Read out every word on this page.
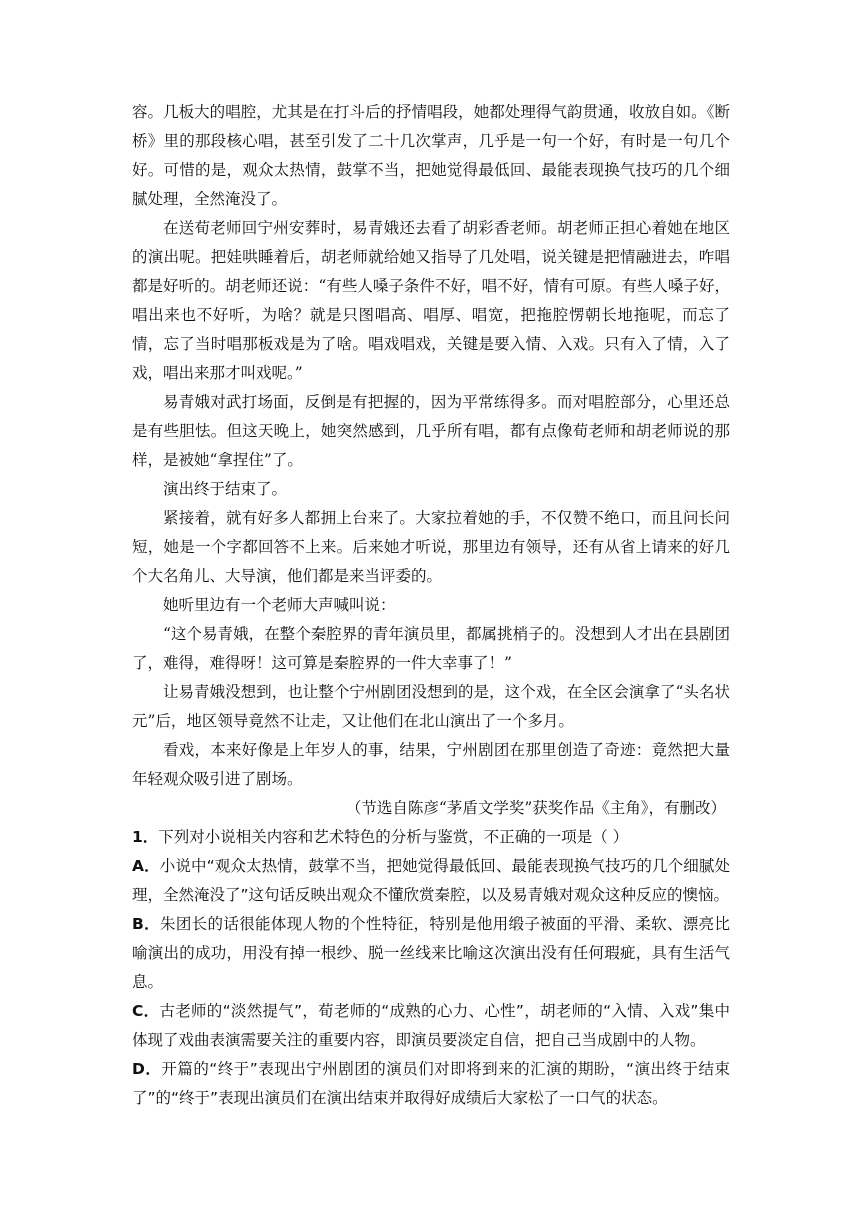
容。几板大的唱腔，尤其是在打斗后的抒情唱段，她都处理得气韵贯通，收放自如。《断桥》里的那段核心唱，甚至引发了二十几次掌声，几乎是一句一个好，有时是一句几个好。可惜的是，观众太热情，鼓掌不当，把她觉得最低回、最能表现换气技巧的几个细腻处理，全然淹没了。

在送荀老师回宁州安葬时，易青娥还去看了胡彩香老师。胡老师正担心着她在地区的演出呢。把娃哄睡着后，胡老师就给她又指导了几处唱，说关键是把情融进去，咋唱都是好听的。胡老师还说：“有些人嗓子条件不好，唱不好，情有可原。有些人嗓子好，唱出来也不好听，为啥？就是只图唱高、唱厚、唱宽，把拖腔愣朝长地拖呢，而忘了情，忘了当时唱那板戏是为了啥。唱戏唱戏，关键是要入情、入戏。只有入了情，入了戏，唱出来那才叫戏呢。”

易青娥对武打场面，反倒是有把握的，因为平常练得多。而对唱腔部分，心里还总是有些胆怯。但这天晚上，她突然感到，几乎所有唱，都有点像荀老师和胡老师说的那样，是被她“拿捏住”了。

演出终于结束了。

紧接着，就有好多人都拥上台来了。大家拉着她的手，不仅赞不绝口，而且问长问短，她是一个字都回答不上来。后来她才听说，那里边有领导，还有从省上请来的好几个大名角儿、大导演，他们都是来当评委的。

她听里边有一个老师大声喊叫说：

“这个易青娥，在整个秦腔界的青年演员里，都属挑梢子的。没想到人才出在县剧团了，难得，难得呀！这可算是秦腔界的一件大幸事了！”

让易青娥没想到，也让整个宁州剧团没想到的是，这个戏，在全区会演拿了“头名状元”后，地区领导竟然不让走，又让他们在北山演出了一个多月。

看戏，本来好像是上年岁人的事，结果，宁州剧团在那里创造了奇迹：竟然把大量年轻观众吸引进了剧场。

（节选自陈彦“茅盾文学奖”获奖作品《主角》，有删改）

1．下列对小说相关内容和艺术特色的分析与鉴赏，不正确的一项是（ ）

A．小说中“观众太热情，鼓掌不当，把她觉得最低回、最能表现换气技巧的几个细腻处理，全然淹没了”这句话反映出观众不懂欣赏秦腔，以及易青娥对观众这种反应的懊恼。

B．朱团长的话很能体现人物的个性特征，特别是他用缎子被面的平滑、柔软、漂亮比喻演出的成功，用没有掉一根纱、脱一丝线来比喻这次演出没有任何瑕疵，具有生活气息。

C．古老师的“淡然提气”，荀老师的“成熟的心力、心性”，胡老师的“入情、入戏”集中体现了戏曲表演需要关注的重要内容，即演员要淡定自信，把自己当成剧中的人物。

D．开篇的“终于”表现出宁州剧团的演员们对即将到来的汇演的期盼，“演出终于结束了”的“终于”表现出演员们在演出结束并取得好成绩后大家松了一口气的状态。
